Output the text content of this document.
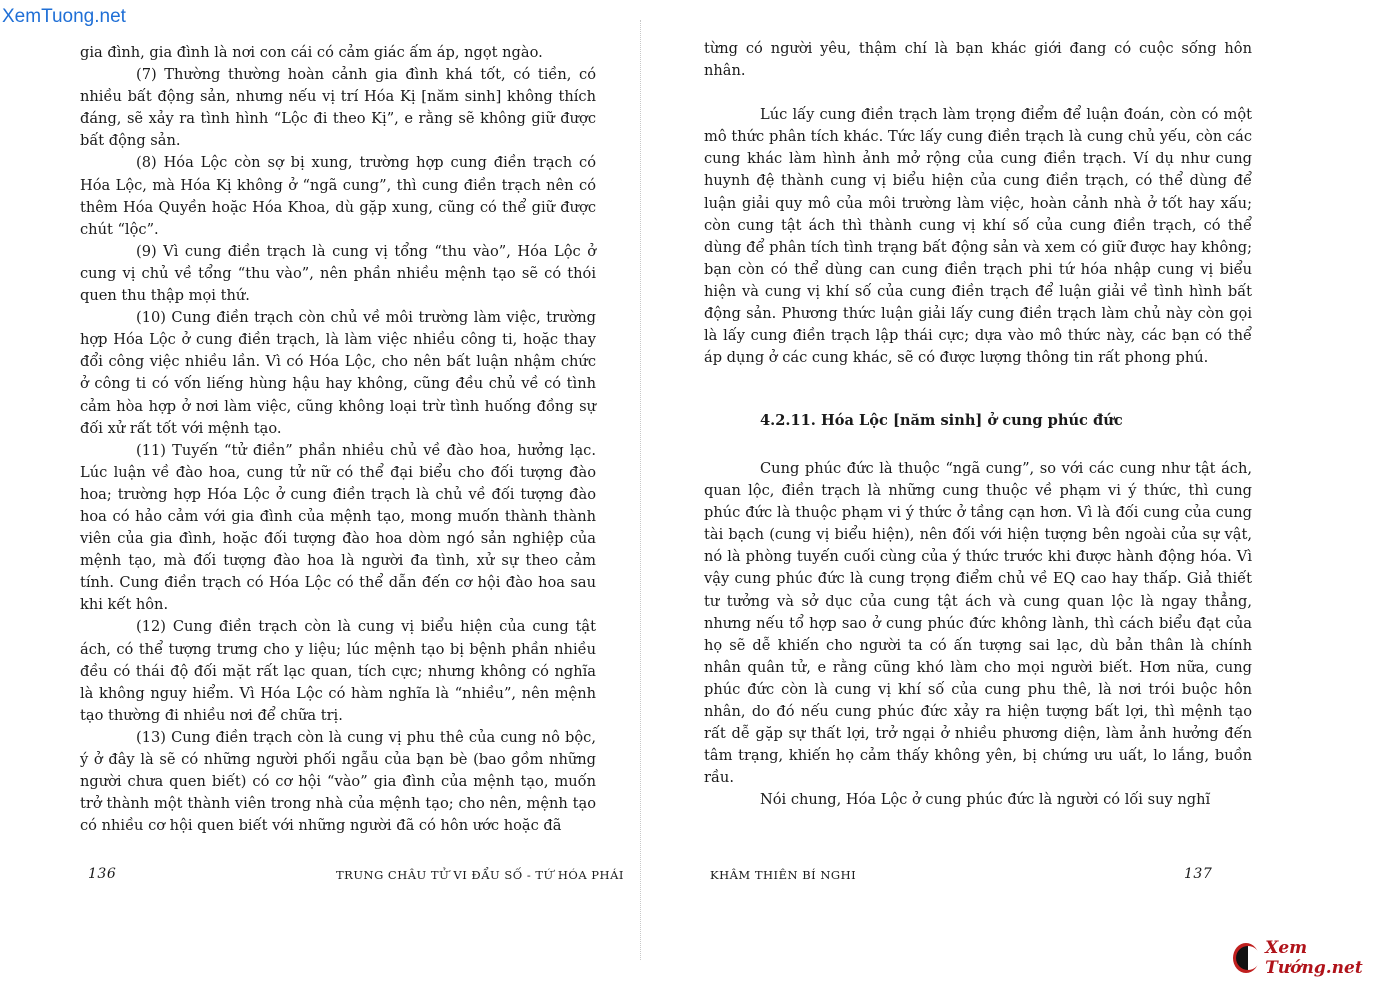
XemTuong.net

gia đình, gia đình là nơi con cái có cảm giác ấm áp, ngọt ngào.

(7) Thường thường hoàn cảnh gia đình khá tốt, có tiền, có nhiều bất động sản, nhưng nếu vị trí Hóa Kị [năm sinh] không thích đáng, sẽ xảy ra tình hình “Lộc đi theo Kị”, e rằng sẽ không giữ được bất động sản.

(8) Hóa Lộc còn sợ bị xung, trường hợp cung điền trạch có Hóa Lộc, mà Hóa Kị không ở “ngã cung”, thì cung điền trạch nên có thêm Hóa Quyền hoặc Hóa Khoa, dù gặp xung, cũng có thể giữ được chút “lộc”.

(9) Vì cung điền trạch là cung vị tổng “thu vào”, Hóa Lộc ở cung vị chủ về tổng “thu vào”, nên phần nhiều mệnh tạo sẽ có thói quen thu thập mọi thứ.

(10) Cung điền trạch còn chủ về môi trường làm việc, trường hợp Hóa Lộc ở cung điền trạch, là làm việc nhiều công ti, hoặc thay đổi công việc nhiều lần. Vì có Hóa Lộc, cho nên bất luận nhậm chức ở công ti có vốn liếng hùng hậu hay không, cũng đều chủ về có tình cảm hòa hợp ở nơi làm việc, cũng không loại trừ tình huống đồng sự đối xử rất tốt với mệnh tạo.

(11) Tuyến “tử điền” phần nhiều chủ về đào hoa, hưởng lạc. Lúc luận về đào hoa, cung tử nữ có thể đại biểu cho đối tượng đào hoa; trường hợp Hóa Lộc ở cung điền trạch là chủ về đối tượng đào hoa có hảo cảm với gia đình của mệnh tạo, mong muốn thành thành viên của gia đình, hoặc đối tượng đào hoa dòm ngó sản nghiệp của mệnh tạo, mà đối tượng đào hoa là người đa tình, xử sự theo cảm tính. Cung điền trạch có Hóa Lộc có thể dẫn đến cơ hội đào hoa sau khi kết hôn.

(12) Cung điền trạch còn là cung vị biểu hiện của cung tật ách, có thể tượng trưng cho y liệu; lúc mệnh tạo bị bệnh phần nhiều đều có thái độ đối mặt rất lạc quan, tích cực; nhưng không có nghĩa là không nguy hiểm. Vì Hóa Lộc có hàm nghĩa là “nhiều”, nên mệnh tạo thường đi nhiều nơi để chữa trị.

(13) Cung điền trạch còn là cung vị phu thê của cung nô bộc, ý ở đây là sẽ có những người phối ngẫu của bạn bè (bao gồm những người chưa quen biết) có cơ hội “vào” gia đình của mệnh tạo, muốn trở thành một thành viên trong nhà của mệnh tạo; cho nên, mệnh tạo có nhiều cơ hội quen biết với những người đã có hôn ước hoặc đã

136	TRUNG CHÂU TỬ VI ĐẨU SỐ - TỨ HÓA PHÁI

từng có người yêu, thậm chí là bạn khác giới đang có cuộc sống hôn nhân.

Lúc lấy cung điền trạch làm trọng điểm để luận đoán, còn có một mô thức phân tích khác. Tức lấy cung điền trạch là cung chủ yếu, còn các cung khác làm hình ảnh mở rộng của cung điền trạch. Ví dụ như cung huynh đệ thành cung vị biểu hiện của cung điền trạch, có thể dùng để luận giải quy mô của môi trường làm việc, hoàn cảnh nhà ở tốt hay xấu; còn cung tật ách thì thành cung vị khí số của cung điền trạch, có thể dùng để phân tích tình trạng bất động sản và xem có giữ được hay không; bạn còn có thể dùng can cung điền trạch phi tứ hóa nhập cung vị biểu hiện và cung vị khí số của cung điền trạch để luận giải về tình hình bất động sản. Phương thức luận giải lấy cung điền trạch làm chủ này còn gọi là lấy cung điền trạch lập thái cực; dựa vào mô thức này, các bạn có thể áp dụng ở các cung khác, sẽ có được lượng thông tin rất phong phú.

4.2.11. Hóa Lộc [năm sinh] ở cung phúc đức

Cung phúc đức là thuộc “ngã cung”, so với các cung như tật ách, quan lộc, điền trạch là những cung thuộc về phạm vi ý thức, thì cung phúc đức là thuộc phạm vi ý thức ở tầng cạn hơn. Vì là đối cung của cung tài bạch (cung vị biểu hiện), nên đối với hiện tượng bên ngoài của sự vật, nó là phòng tuyến cuối cùng của ý thức trước khi được hành động hóa. Vì vậy cung phúc đức là cung trọng điểm chủ về EQ cao hay thấp. Giả thiết tư tưởng và sở dục của cung tật ách và cung quan lộc là ngay thẳng, nhưng nếu tổ hợp sao ở cung phúc đức không lành, thì cách biểu đạt của họ sẽ dễ khiến cho người ta có ấn tượng sai lạc, dù bản thân là chính nhân quân tử, e rằng cũng khó làm cho mọi người biết. Hơn nữa, cung phúc đức còn là cung vị khí số của cung phu thê, là nơi trói buộc hôn nhân, do đó nếu cung phúc đức xảy ra hiện tượng bất lợi, thì mệnh tạo rất dễ gặp sự thất lợi, trở ngại ở nhiều phương diện, làm ảnh hưởng đến tâm trạng, khiến họ cảm thấy không yên, bị chứng ưu uất, lo lắng, buồn rầu.

Nói chung, Hóa Lộc ở cung phúc đức là người có lối suy nghĩ

KHÂM THIÊN BÍ NGHI	137
Xem Tướng.net
